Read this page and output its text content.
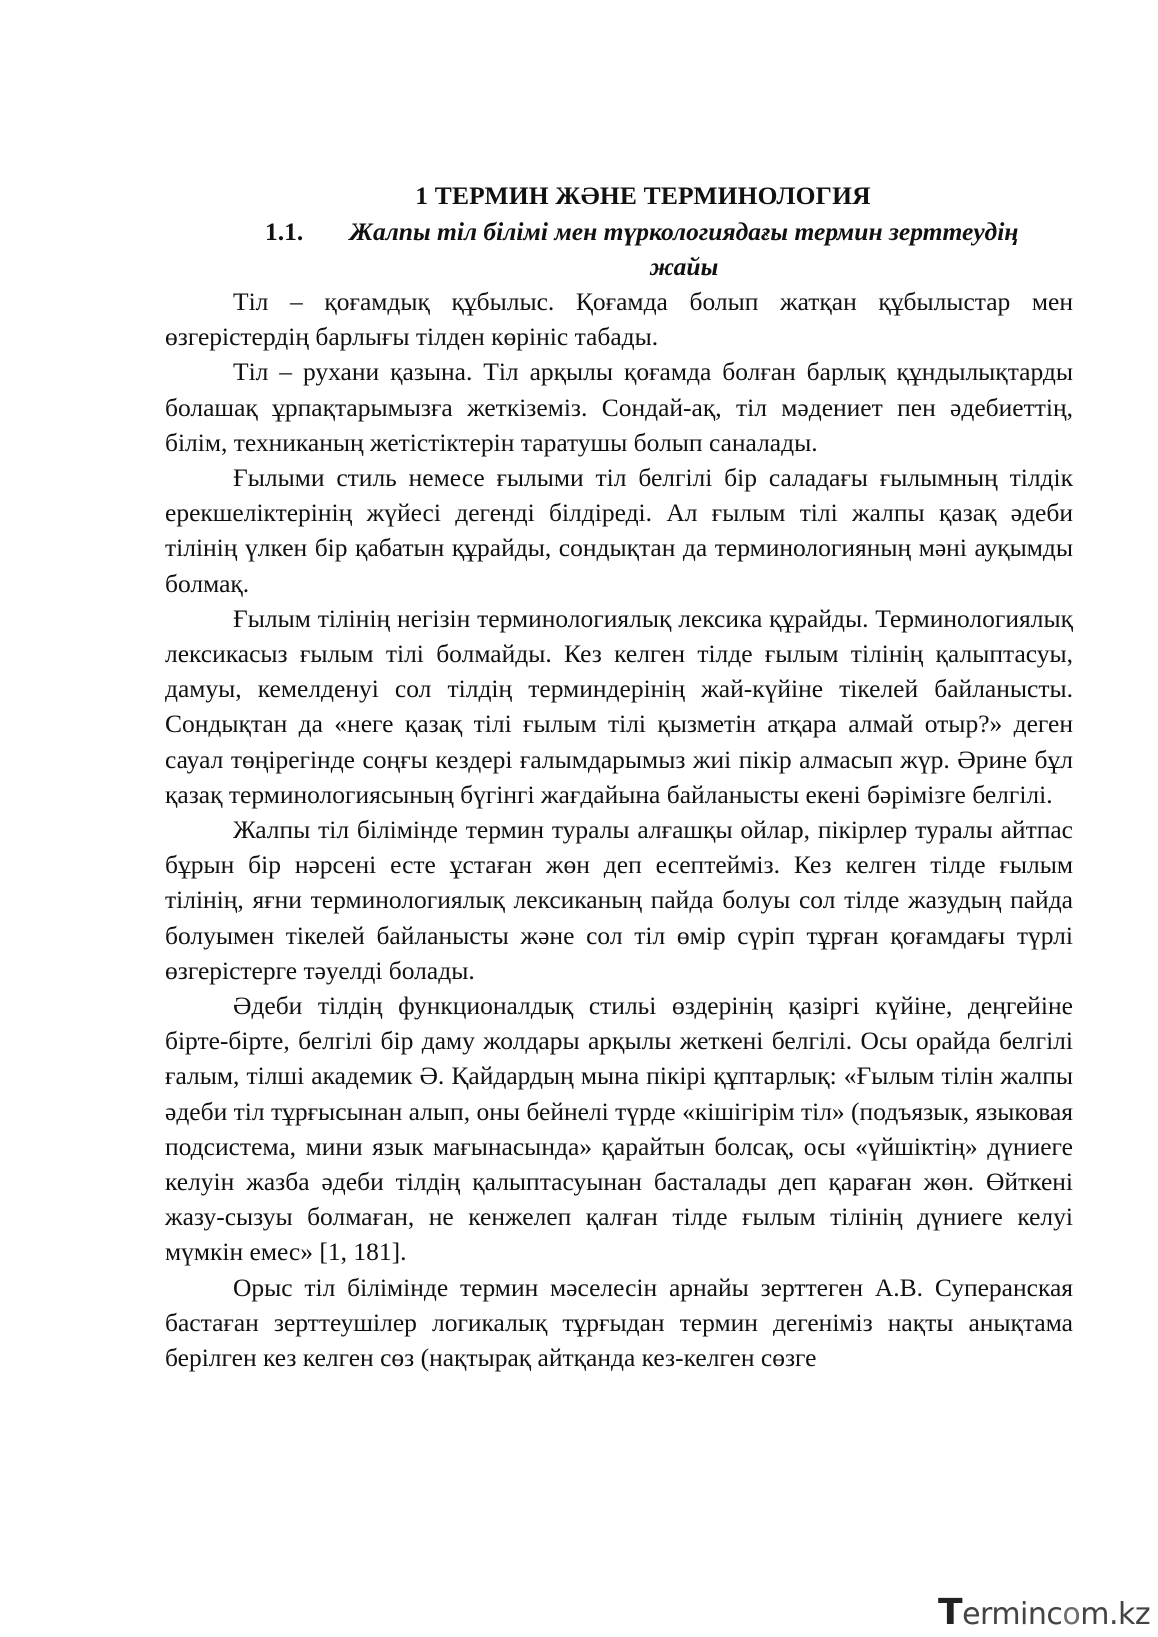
1 ТЕРМИН ЖӘНЕ ТЕРМИНОЛОГИЯ
1.1.	Жалпы тіл білімі мен түркологиядағы термин зерттеудің жайы

Тіл – қоғамдық құбылыс. Қоғамда болып жатқан құбылыстар мен өзгерістердің барлығы тілден көрініс табады.

Тіл – рухани қазына. Тіл арқылы қоғамда болған барлық құндылықтарды болашақ ұрпақтарымызға жеткіземіз. Сондай-ақ, тіл мәдениет пен әдебиеттің, білім, техниканың жетістіктерін таратушы болып саналады.

Ғылыми стиль немесе ғылыми тіл белгілі бір саладағы ғылымның тілдік ерекшеліктерінің жүйесі дегенді білдіреді. Ал ғылым тілі жалпы қазақ әдеби тілінің үлкен бір қабатын құрайды, сондықтан да терминологияның мәні ауқымды болмақ.

Ғылым тілінің негізін терминологиялық лексика құрайды. Терминологиялық лексикасыз ғылым тілі болмайды. Кез келген тілде ғылым тілінің қалыптасуы, дамуы, кемелденуі сол тілдің терминдерінің жай-күйіне тікелей байланысты. Сондықтан да «неге қазақ тілі ғылым тілі қызметін атқара алмай отыр?» деген сауал төңірегінде соңғы кездері ғалымдарымыз жиі пікір алмасып жүр. Әрине бұл қазақ терминологиясының бүгінгі жағдайына байланысты екені бәрімізге белгілі.

Жалпы тіл білімінде термин туралы алғашқы ойлар, пікірлер туралы айтпас бұрын бір нәрсені есте ұстаған жөн деп есептейміз. Кез келген тілде ғылым тілінің, яғни терминологиялық лексиканың пайда болуы сол тілде жазудың пайда болуымен тікелей байланысты және сол тіл өмір сүріп тұрған қоғамдағы түрлі өзгерістерге тәуелді болады.

Әдеби тілдің функционалдық стильі өздерінің қазіргі күйіне, деңгейіне бірте-бірте, белгілі бір даму жолдары арқылы жеткені белгілі. Осы орайда белгілі ғалым, тілші академик Ә. Қайдардың мына пікірі құптарлық: «Ғылым тілін жалпы әдеби тіл тұрғысынан алып, оны бейнелі түрде «кішігірім тіл» (подъязык, языковая подсистема, мини язык мағынасында» қарайтын болсақ, осы «үйшіктің» дүниеге келуін жазба әдеби тілдің қалыптасуынан басталады деп қараған жөн. Өйткені жазу-сызуы болмаған, не кенжелеп қалған тілде ғылым тілінің дүниеге келуі мүмкін емес» [1, 181].

Орыс тіл білімінде термин мәселесін арнайы зерттеген А.В. Суперанская бастаған зерттеушілер логикалық тұрғыдан термин дегеніміз нақты анықтама берілген кез келген сөз (нақтырақ айтқанда кез-келген сөзге

Termincom.kz
